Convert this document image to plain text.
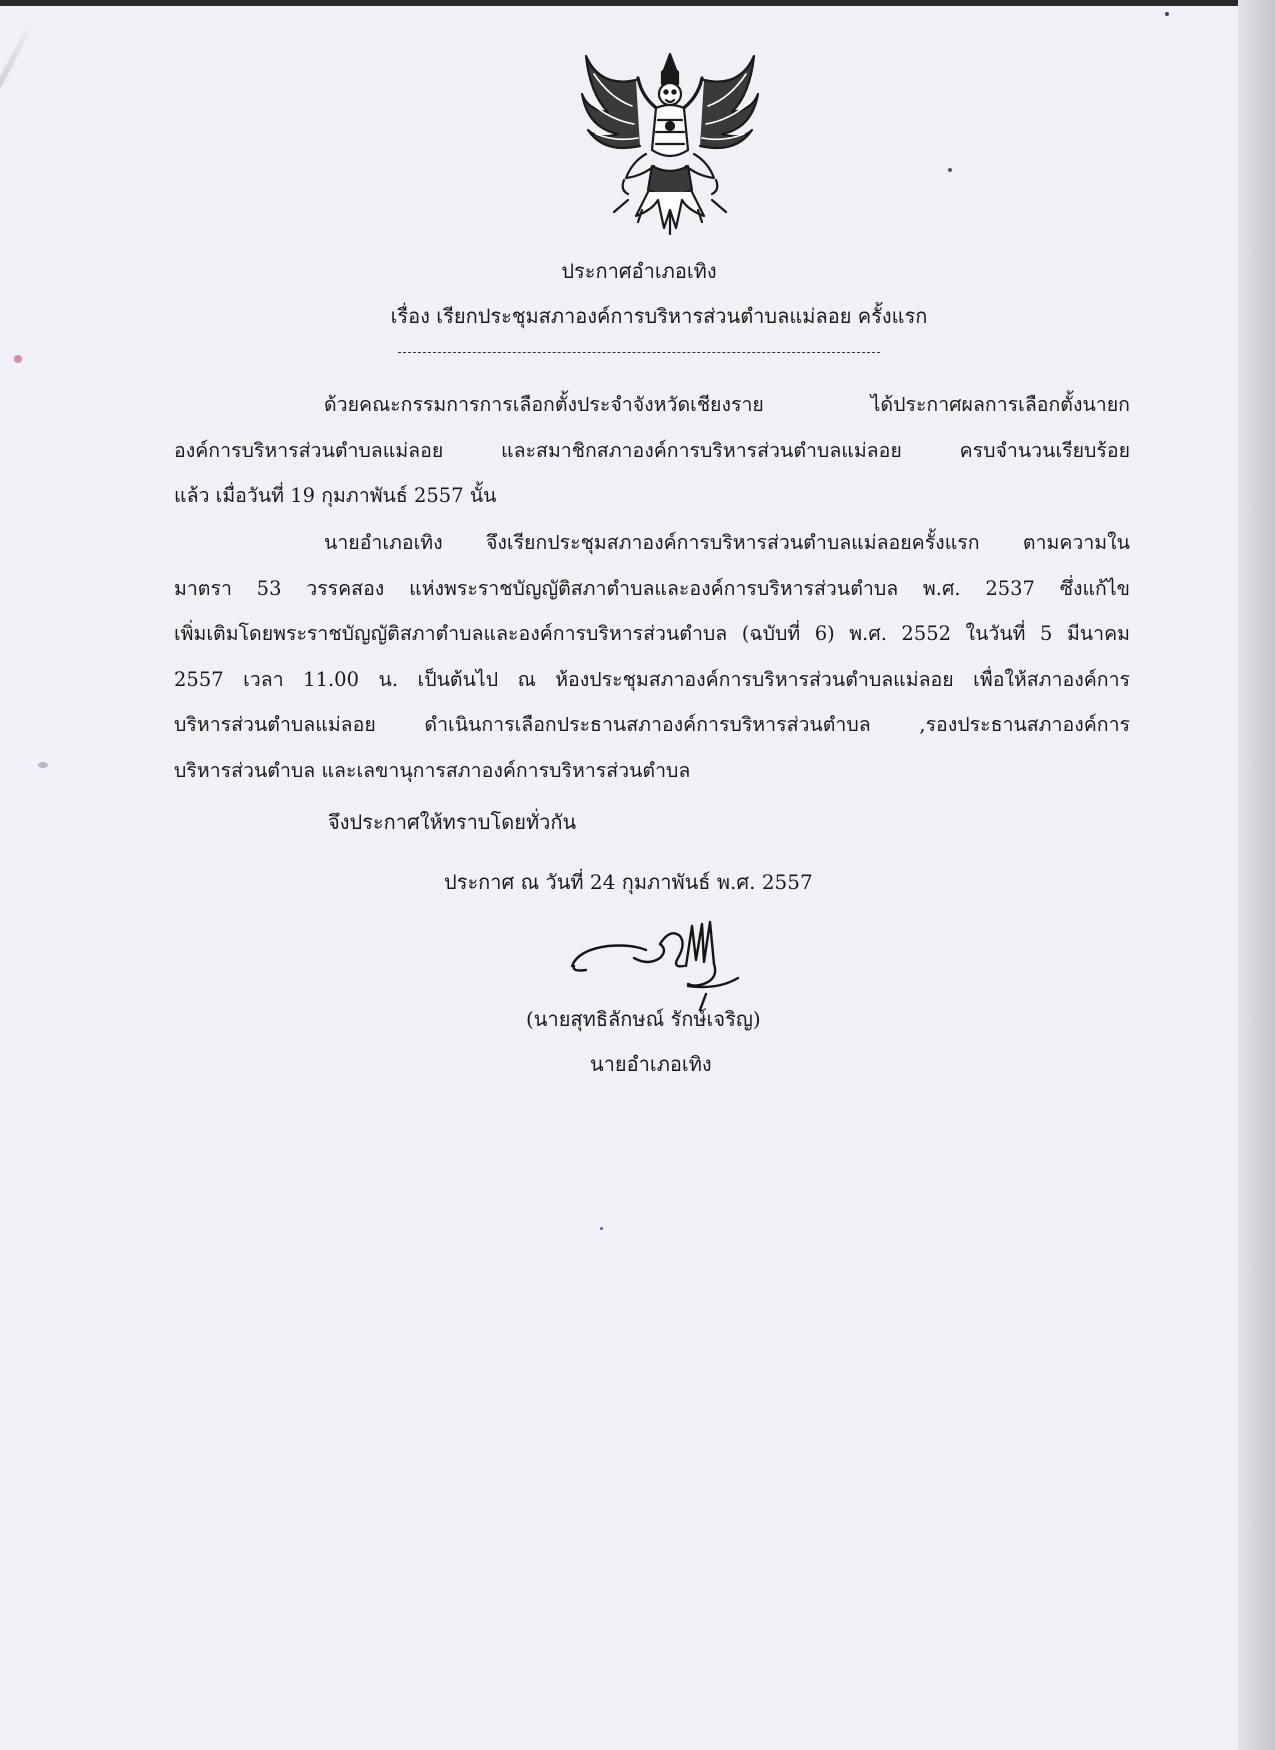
ประกาศอำเภอเทิง
เรื่อง เรียกประชุมสภาองค์การบริหารส่วนตำบลแม่ลอย ครั้งแรก
ด้วยคณะกรรมการการเลือกตั้งประจำจังหวัดเชียงราย ได้ประกาศผลการเลือกตั้งนายก
องค์การบริหารส่วนตำบลแม่ลอย และสมาชิกสภาองค์การบริหารส่วนตำบลแม่ลอย ครบจำนวนเรียบร้อย
แล้ว เมื่อวันที่ 19 กุมภาพันธ์ 2557 นั้น
นายอำเภอเทิง จึงเรียกประชุมสภาองค์การบริหารส่วนตำบลแม่ลอยครั้งแรก ตามความใน
มาตรา 53 วรรคสอง แห่งพระราชบัญญัติสภาตำบลและองค์การบริหารส่วนตำบล พ.ศ. 2537 ซึ่งแก้ไข
เพิ่มเติมโดยพระราชบัญญัติสภาตำบลและองค์การบริหารส่วนตำบล (ฉบับที่ 6) พ.ศ. 2552 ในวันที่ 5 มีนาคม
2557 เวลา 11.00 น. เป็นต้นไป ณ ห้องประชุมสภาองค์การบริหารส่วนตำบลแม่ลอย เพื่อให้สภาองค์การ
บริหารส่วนตำบลแม่ลอย ดำเนินการเลือกประธานสภาองค์การบริหารส่วนตำบล ,รองประธานสภาองค์การ
บริหารส่วนตำบล และเลขานุการสภาองค์การบริหารส่วนตำบล
จึงประกาศให้ทราบโดยทั่วกัน
ประกาศ ณ วันที่ 24 กุมภาพันธ์ พ.ศ. 2557
(นายสุทธิลักษณ์ รักษ์เจริญ)
นายอำเภอเทิง
